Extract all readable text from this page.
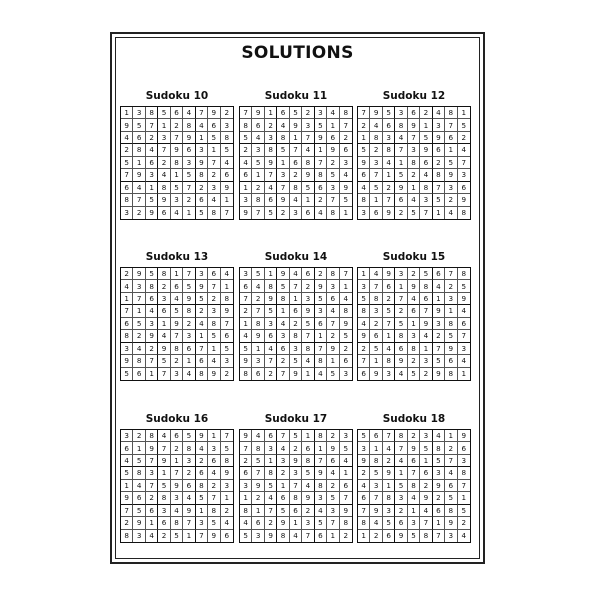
SOLUTIONS
Sudoku 10
1	3	8	5	6	4	7	9	2
9	5	7	1	2	8	4	6	3
4	6	2	3	7	9	1	5	8
2	8	4	7	9	6	3	1	5
5	1	6	2	8	3	9	7	4
7	9	3	4	1	5	8	2	6
6	4	1	8	5	7	2	3	9
8	7	5	9	3	2	6	4	1
3	2	9	6	4	1	5	8	7
Sudoku 11
7	9	1	6	5	2	3	4	8
8	6	2	4	9	3	5	1	7
5	4	3	8	1	7	9	6	2
2	3	8	5	7	4	1	9	6
4	5	9	1	6	8	7	2	3
6	1	7	3	2	9	8	5	4
1	2	4	7	8	5	6	3	9
3	8	6	9	4	1	2	7	5
9	7	5	2	3	6	4	8	1
Sudoku 12
7	9	5	3	6	2	4	8	1
2	4	6	8	9	1	3	7	5
1	8	3	4	7	5	9	6	2
5	2	8	7	3	9	6	1	4
9	3	4	1	8	6	2	5	7
6	7	1	5	2	4	8	9	3
4	5	2	9	1	8	7	3	6
8	1	7	6	4	3	5	2	9
3	6	9	2	5	7	1	4	8
Sudoku 13
2	9	5	8	1	7	3	6	4
4	3	8	2	6	5	9	7	1
1	7	6	3	4	9	5	2	8
7	1	4	6	5	8	2	3	9
6	5	3	1	9	2	4	8	7
8	2	9	4	7	3	1	5	6
3	4	2	9	8	6	7	1	5
9	8	7	5	2	1	6	4	3
5	6	1	7	3	4	8	9	2
Sudoku 14
3	5	1	9	4	6	2	8	7
6	4	8	5	7	2	9	3	1
7	2	9	8	1	3	5	6	4
2	7	5	1	6	9	3	4	8
1	8	3	4	2	5	6	7	9
4	9	6	3	8	7	1	2	5
5	1	4	6	3	8	7	9	2
9	3	7	2	5	4	8	1	6
8	6	2	7	9	1	4	5	3
Sudoku 15
1	4	9	3	2	5	6	7	8
3	7	6	1	9	8	4	2	5
5	8	2	7	4	6	1	3	9
8	3	5	2	6	7	9	1	4
4	2	7	5	1	9	3	8	6
9	6	1	8	3	4	2	5	7
2	5	4	6	8	1	7	9	3
7	1	8	9	2	3	5	6	4
6	9	3	4	5	2	9	8	1
Sudoku 16
3	2	8	4	6	5	9	1	7
6	1	9	7	2	8	4	3	5
4	5	7	9	1	3	2	6	8
5	8	3	1	7	2	6	4	9
1	4	7	5	9	6	8	2	3
9	6	2	8	3	4	5	7	1
7	5	6	3	4	9	1	8	2
2	9	1	6	8	7	3	5	4
8	3	4	2	5	1	7	9	6
Sudoku 17
9	4	6	7	5	1	8	2	3
7	8	3	4	2	6	1	9	5
2	5	1	3	9	8	7	6	4
6	7	8	2	3	5	9	4	1
3	9	5	1	7	4	8	2	6
1	2	4	6	8	9	3	5	7
8	1	7	5	6	2	4	3	9
4	6	2	9	1	3	5	7	8
5	3	9	8	4	7	6	1	2
Sudoku 18
5	6	7	8	2	3	4	1	9
3	1	4	7	9	5	8	2	6
9	8	2	4	6	1	5	7	3
2	5	9	1	7	6	3	4	8
4	3	1	5	8	2	9	6	7
6	7	8	3	4	9	2	5	1
7	9	3	2	1	4	6	8	5
8	4	5	6	3	7	1	9	2
1	2	6	9	5	8	7	3	4
